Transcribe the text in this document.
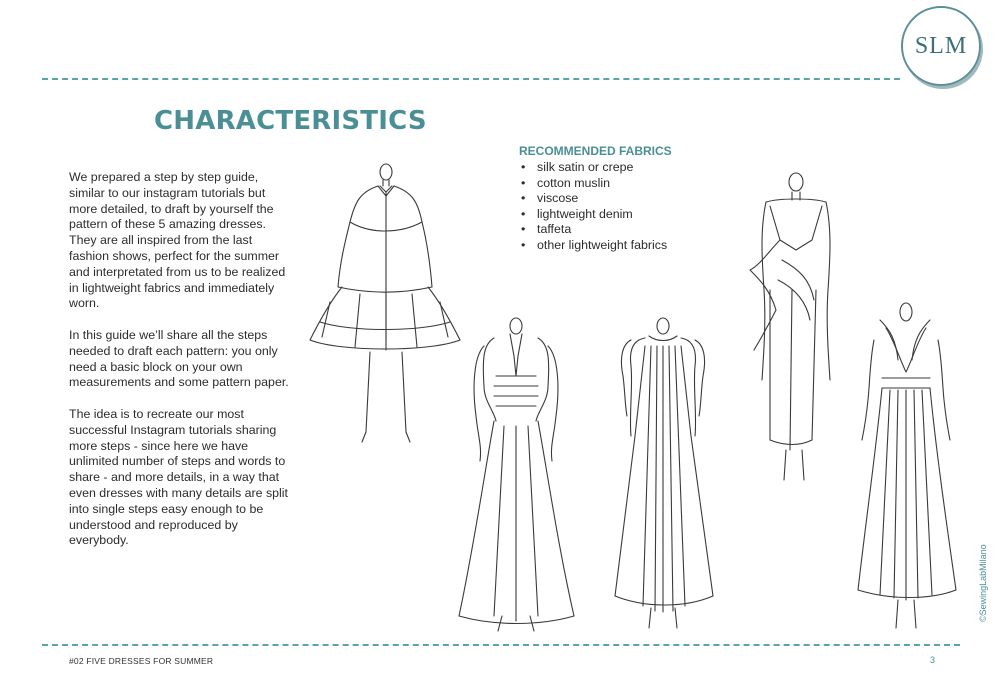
SLM
CHARACTERISTICS

We prepared a step by step guide, similar to our instagram tutorials but more detailed, to draft by yourself the pattern of these 5 amazing dresses. They are all inspired from the last fashion shows, perfect for the summer and interpretated from us to be realized in lightweight fabrics and immediately worn.

In this guide we’ll share all the steps needed to draft each pattern: you only need a basic block on your own measurements and some pattern paper.

The idea is to recreate our most successful Instagram tutorials sharing more steps - since here we have unlimited number of steps and words to share - and more details, in a way that even dresses with many details are split into single steps easy enough to be understood and reproduced by everybody.

RECOMMENDED FABRICS
• silk satin or crepe
• cotton muslin
• viscose
• lightweight denim
• taffeta
• other lightweight fabrics
#02 FIVE DRESSES FOR SUMMER	3
©SewingLabMilano
